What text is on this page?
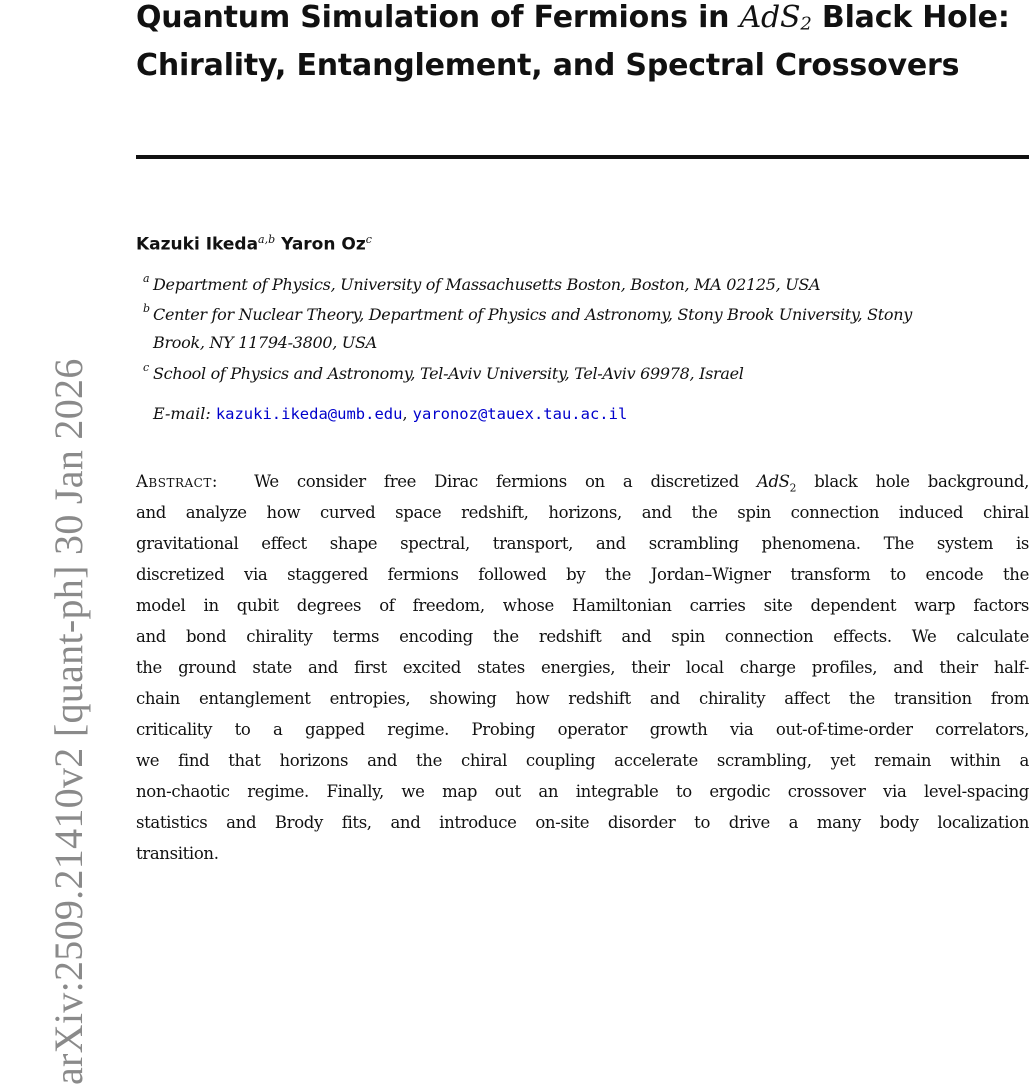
Quantum Simulation of Fermions in AdS$_2$ Black Hole:
Chirality, Entanglement, and Spectral Crossovers
Kazuki Ikeda$^{a,b}$ Yaron Oz$^c$
a Department of Physics, University of Massachusetts Boston, Boston, MA 02125, USA
b Center for Nuclear Theory, Department of Physics and Astronomy, Stony Brook University, Stony
Brook, NY 11794-3800, USA
c School of Physics and Astronomy, Tel-Aviv University, Tel-Aviv 69978, Israel
E-mail: kazuki.ikeda@umb.edu, yaronoz@tauex.tau.ac.il
Abstract: We consider free Dirac fermions on a discretized AdS$_2$ black hole background,
and analyze how curved space redshift, horizons, and the spin connection induced chiral
gravitational effect shape spectral, transport, and scrambling phenomena. The system is
discretized via staggered fermions followed by the Jordan–Wigner transform to encode the
model in qubit degrees of freedom, whose Hamiltonian carries site dependent warp factors
and bond chirality terms encoding the redshift and spin connection effects. We calculate
the ground state and first excited states energies, their local charge profiles, and their half-
chain entanglement entropies, showing how redshift and chirality affect the transition from
criticality to a gapped regime. Probing operator growth via out-of-time-order correlators,
we find that horizons and the chiral coupling accelerate scrambling, yet remain within a
non-chaotic regime. Finally, we map out an integrable to ergodic crossover via level-spacing
statistics and Brody fits, and introduce on-site disorder to drive a many body localization
transition.
arXiv:2509.21410v2 [quant-ph] 30 Jan 2026
